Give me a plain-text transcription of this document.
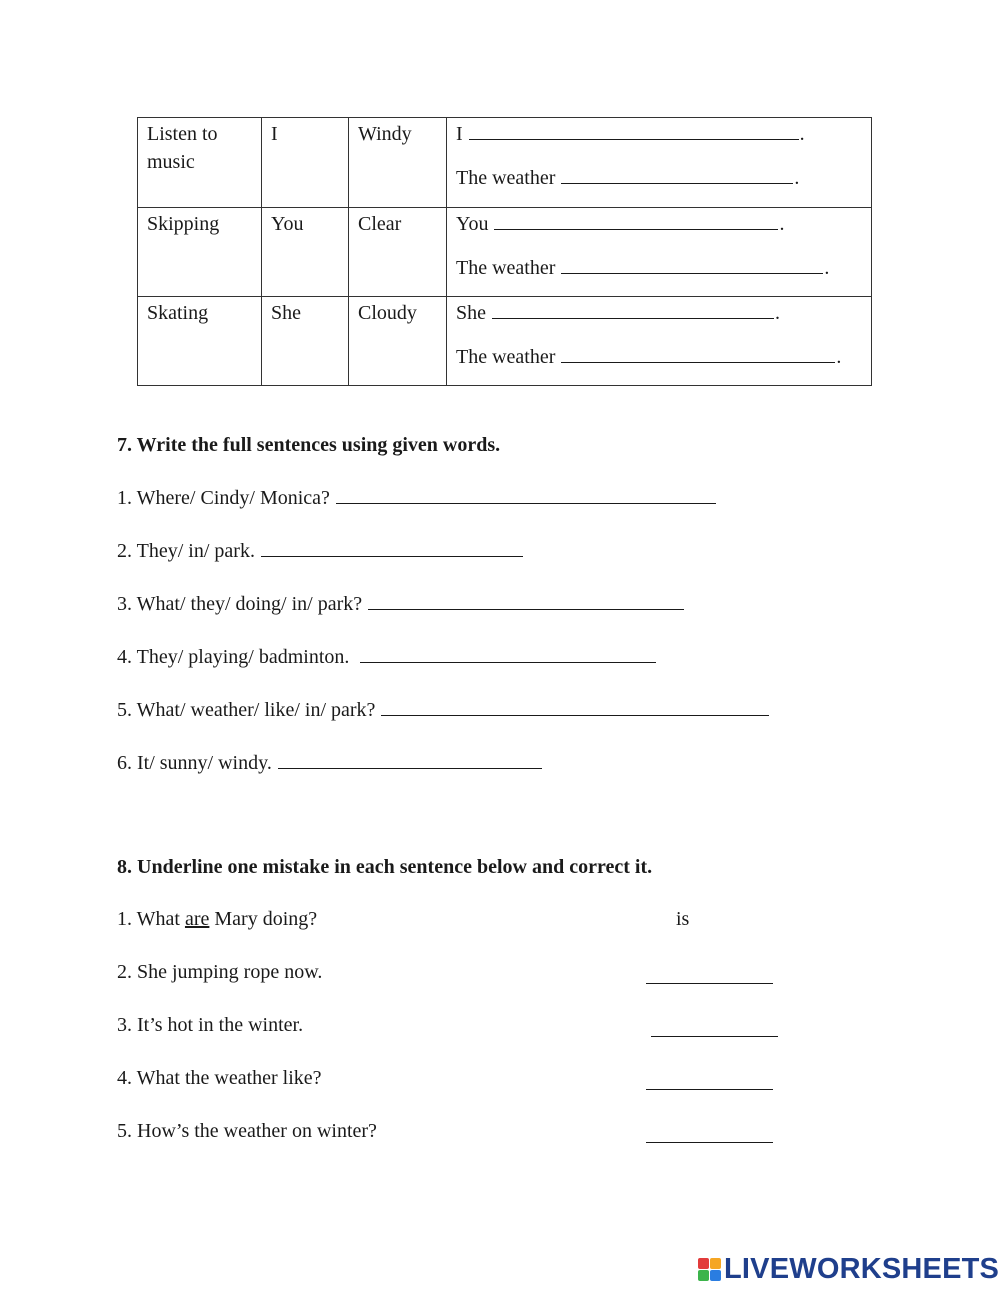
Listen to music	I	Windy	I .
The weather .

Skipping	You	Clear	You .
The weather .

Skating	She	Cloudy	She .
The weather .
7. Write the full sentences using given words.
1. Where/ Cindy/ Monica?
2. They/ in/ park.
3. What/ they/ doing/ in/ park?
4. They/ playing/ badminton.
5. What/ weather/ like/ in/ park?
6. It/ sunny/ windy.
8. Underline one mistake in each sentence below and correct it.
1. What are Mary doing?	is
2. She jumping rope now.
3. It’s hot in the winter.
4. What the weather like?
5. How’s the weather on winter?
LIVEWORKSHEETS
